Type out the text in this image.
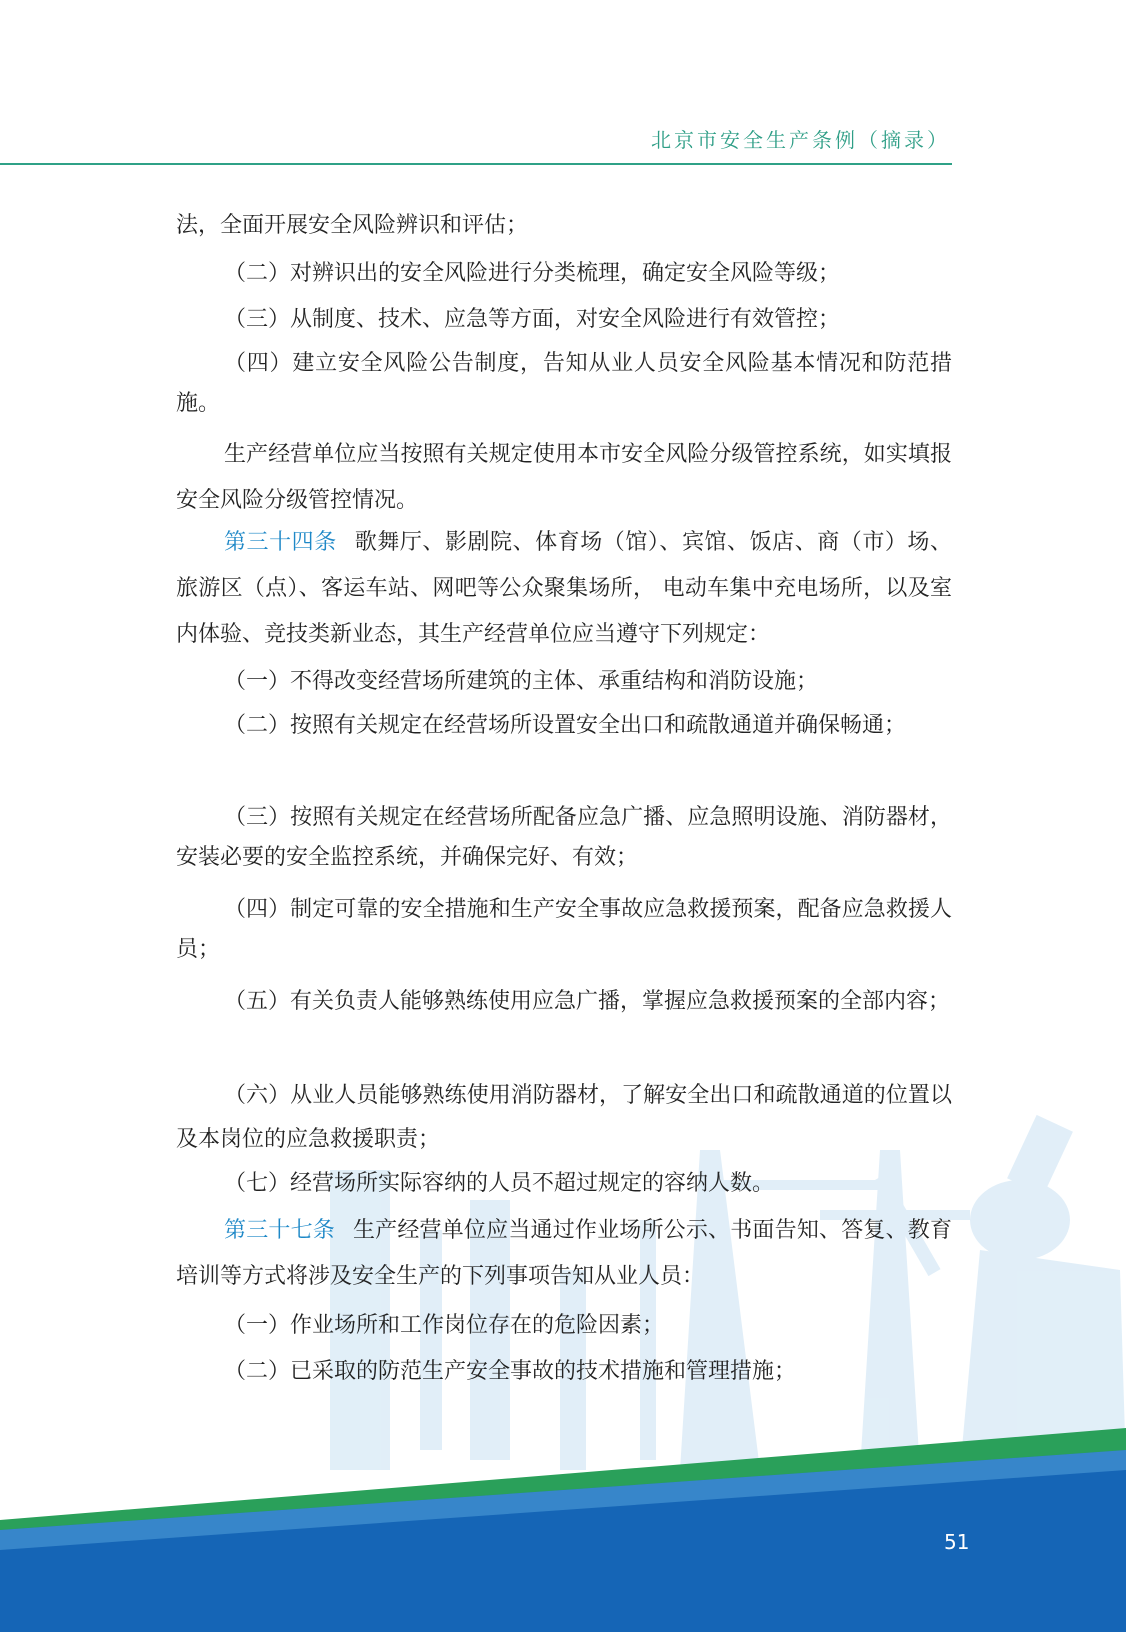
北京市安全生产条例（摘录）

法，全面开展安全风险辨识和评估；

（二）对辨识出的安全风险进行分类梳理，确定安全风险等级；

（三）从制度、技术、应急等方面，对安全风险进行有效管控；

（四）建立安全风险公告制度，告知从业人员安全风险基本情况和防范措施。

生产经营单位应当按照有关规定使用本市安全风险分级管控系统，如实填报安全风险分级管控情况。

第三十四条 歌舞厅、影剧院、体育场（馆）、宾馆、饭店、商（市）场、旅游区（点）、客运车站、网吧等公众聚集场所， 电动车集中充电场所，以及室内体验、竞技类新业态，其生产经营单位应当遵守下列规定：

（一）不得改变经营场所建筑的主体、承重结构和消防设施；

（二）按照有关规定在经营场所设置安全出口和疏散通道并确保畅通；

（三）按照有关规定在经营场所配备应急广播、应急照明设施、消防器材，安装必要的安全监控系统，并确保完好、有效；

（四）制定可靠的安全措施和生产安全事故应急救援预案，配备应急救援人员；

（五）有关负责人能够熟练使用应急广播，掌握应急救援预案的全部内容；

（六）从业人员能够熟练使用消防器材，了解安全出口和疏散通道的位置以及本岗位的应急救援职责；

（七）经营场所实际容纳的人员不超过规定的容纳人数。

第三十七条 生产经营单位应当通过作业场所公示、书面告知、答复、教育培训等方式将涉及安全生产的下列事项告知从业人员：

（一）作业场所和工作岗位存在的危险因素；

（二）已采取的防范生产安全事故的技术措施和管理措施；

51
